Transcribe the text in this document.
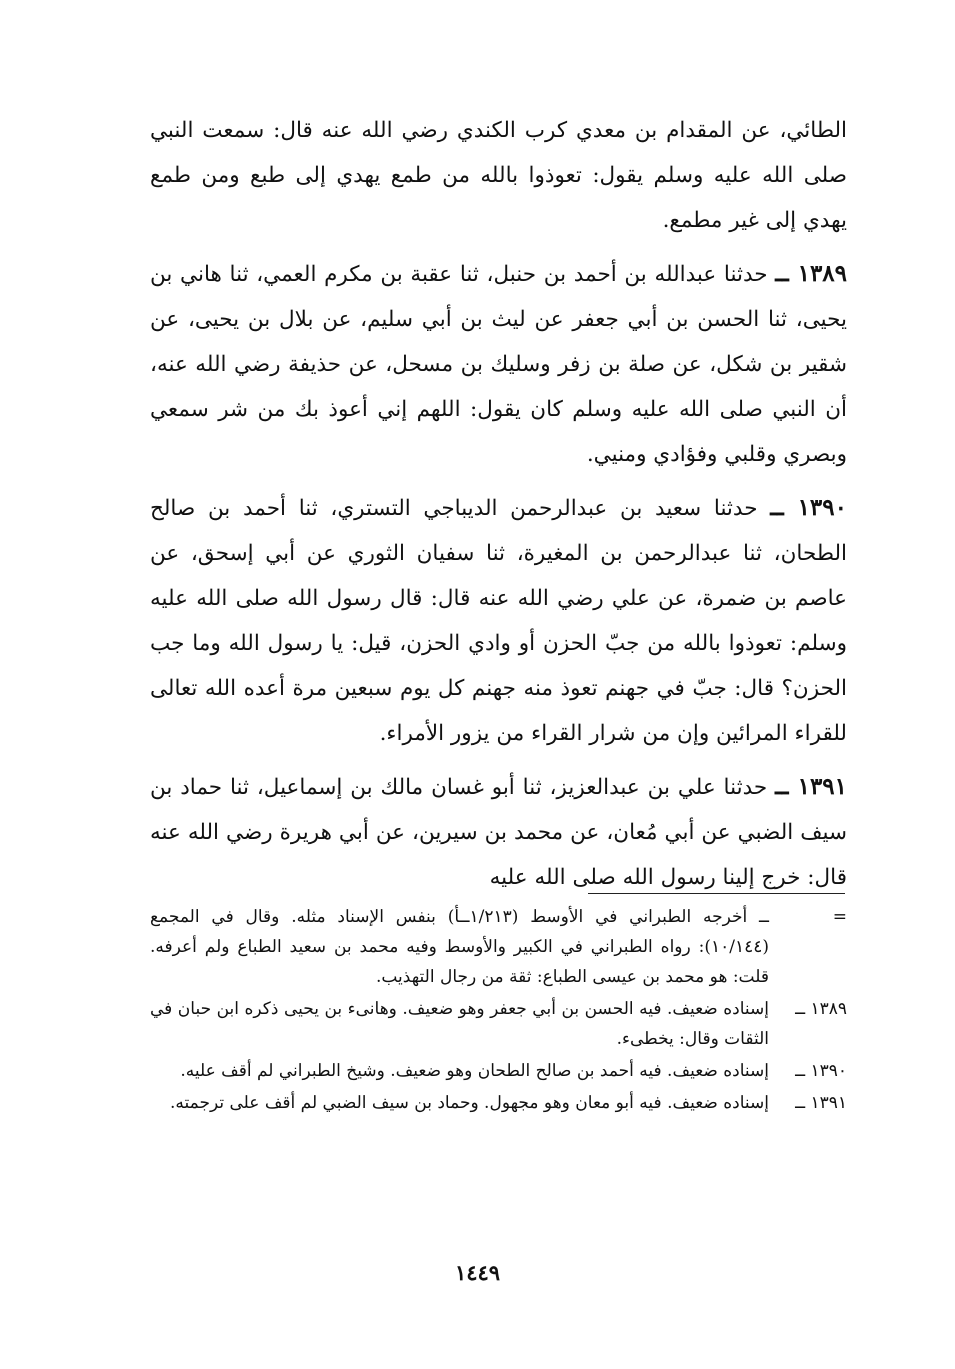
الطائي، عن المقدام بن معدي كرب الكندي رضي الله عنه قال: سمعت النبي صلى الله عليه وسلم يقول: تعوذوا بالله من طمع يهدي إلى طبع ومن طمع يهدي إلى غير مطمع.

١٣٨٩ ــ حدثنا عبدالله بن أحمد بن حنبل، ثنا عقبة بن مكرم العمي، ثنا هاني بن يحيى، ثنا الحسن بن أبي جعفر عن ليث بن أبي سليم، عن بلال بن يحيى، عن شقير بن شكل، عن صلة بن زفر وسليك بن مسحل، عن حذيفة رضي الله عنه، أن النبي صلى الله عليه وسلم كان يقول: اللهم إني أعوذ بك من شر سمعي وبصري وقلبي وفؤادي ومنيي.

١٣٩٠ ــ حدثنا سعيد بن عبدالرحمن الديباجي التستري، ثنا أحمد بن صالح الطحان، ثنا عبدالرحمن بن المغيرة، ثنا سفيان الثوري عن أبي إسحق، عن عاصم بن ضمرة، عن علي رضي الله عنه قال: قال رسول الله صلى الله عليه وسلم: تعوذوا بالله من جبّ الحزن أو وادي الحزن، قيل: يا رسول الله وما جب الحزن؟ قال: جبّ في جهنم تعوذ منه جهنم كل يوم سبعين مرة أعده الله تعالى للقراء المرائين وإن من شرار القراء من يزور الأمراء.

١٣٩١ ــ حدثنا علي بن عبدالعزيز، ثنا أبو غسان مالك بن إسماعيل، ثنا حماد بن سيف الضبي عن أبي مُعان، عن محمد بن سيرين، عن أبي هريرة رضي الله عنه قال: خرج إلينا رسول الله صلى الله عليه

=
ــ أخرجه الطبراني في الأوسط (١/٢١٣ــأ) بنفس الإسناد مثله. وقال في المجمع (١٠/١٤٤): رواه الطبراني في الكبير والأوسط وفيه محمد بن سعيد الطباع ولم أعرفه. قلت: هو محمد بن عيسى الطباع: ثقة من رجال التهذيب.
١٣٨٩ ــ
إسناده ضعيف. فيه الحسن بن أبي جعفر وهو ضعيف. وهانىء بن يحيى ذكره ابن حبان في الثقات وقال: يخطىء.
١٣٩٠ ــ
إسناده ضعيف. فيه أحمد بن صالح الطحان وهو ضعيف. وشيخ الطبراني لم أقف عليه.
١٣٩١ ــ
إسناده ضعيف. فيه أبو معان وهو مجهول. وحماد بن سيف الضبي لم أقف على ترجمته.
١٤٤٩
